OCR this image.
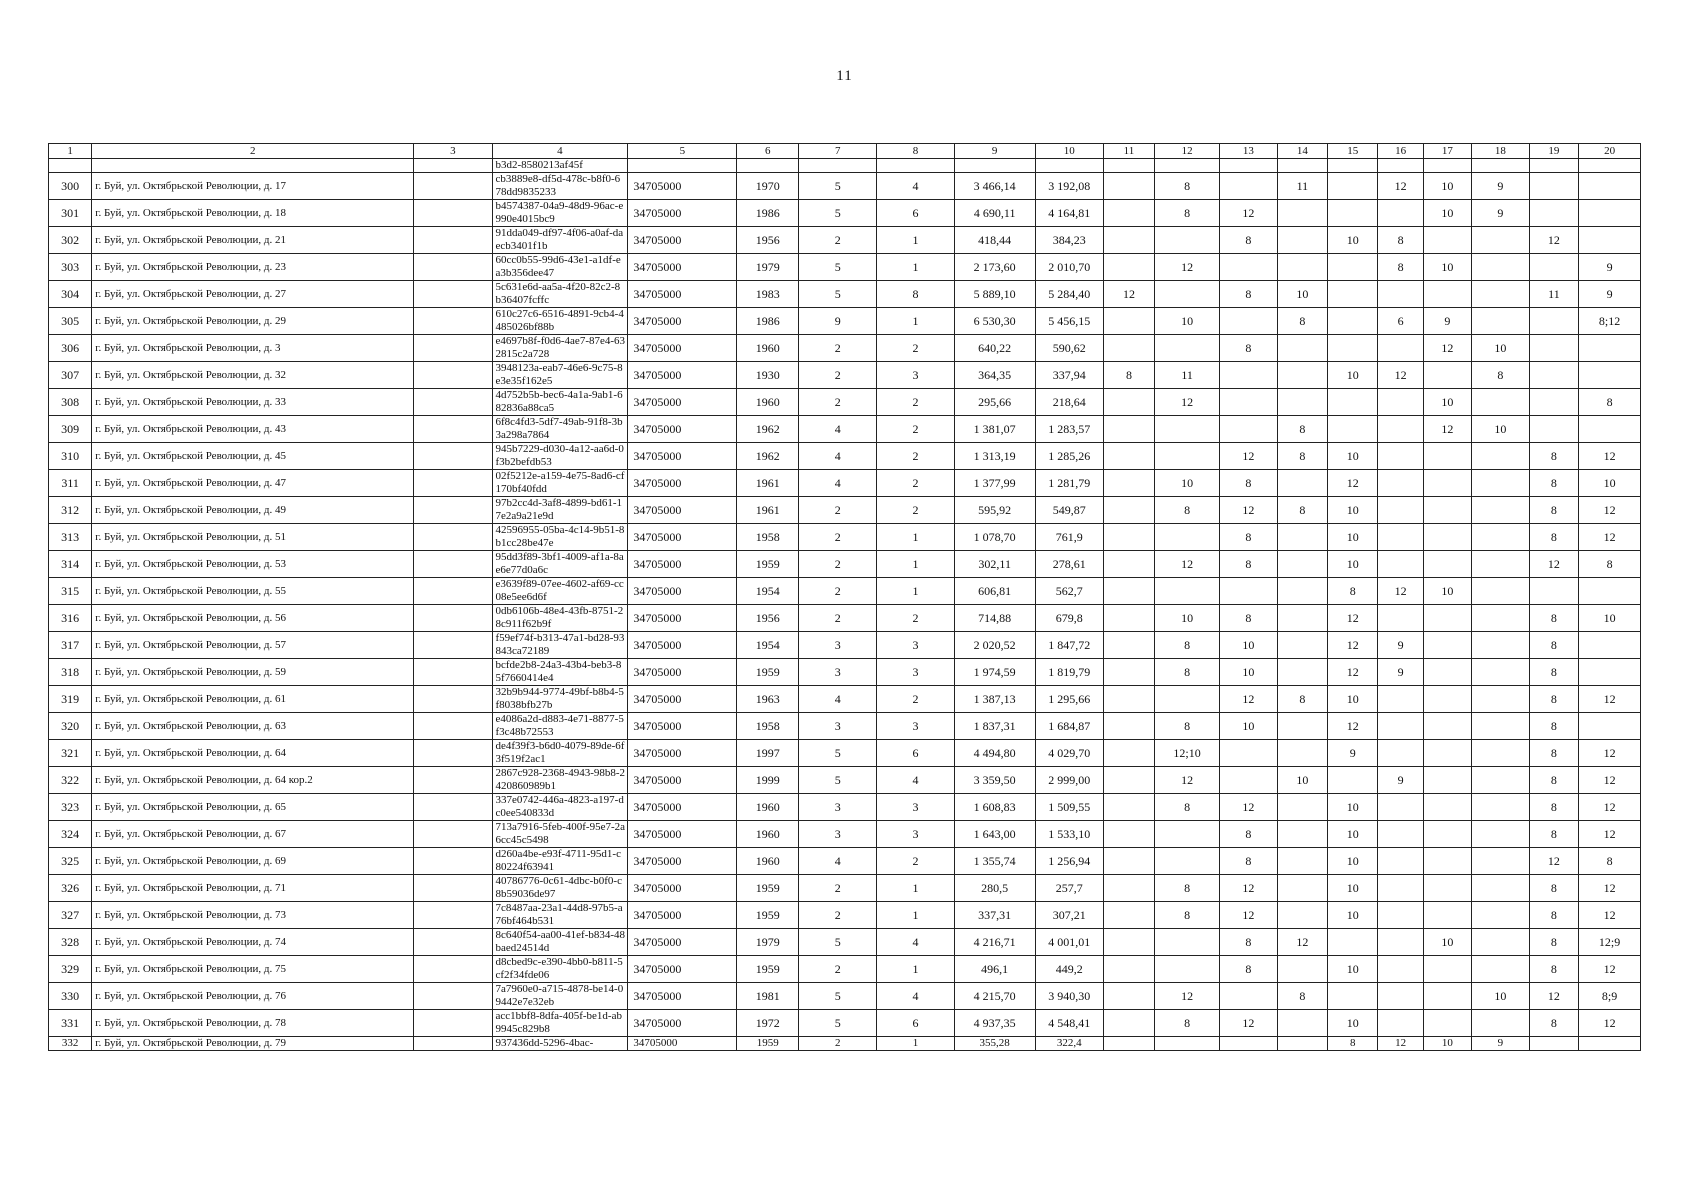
11
1	2	3	4	5	6	7	8	9	10	11	12	13	14	15	16	17	18	19	20
			b3d2-8580213af45f																
300	г. Буй, ул. Октябрьской Революции, д. 17		cb3889e8-df5d-478c-b8f0-678dd9835233	34705000	1970	5	4	3 466,14	3 192,08		8		11		12	10	9		
301	г. Буй, ул. Октябрьской Революции, д. 18		b4574387-04a9-48d9-96ac-e990e4015bc9	34705000	1986	5	6	4 690,11	4 164,81		8	12				10	9		
302	г. Буй, ул. Октябрьской Революции, д. 21		91dda049-df97-4f06-a0af-daecb3401f1b	34705000	1956	2	1	418,44	384,23			8		10	8			12	
303	г. Буй, ул. Октябрьской Революции, д. 23		60cc0b55-99d6-43e1-a1df-ea3b356dee47	34705000	1979	5	1	2 173,60	2 010,70		12				8	10			9
304	г. Буй, ул. Октябрьской Революции, д. 27		5c631e6d-aa5a-4f20-82c2-8b36407fcffc	34705000	1983	5	8	5 889,10	5 284,40	12		8	10					11	9
305	г. Буй, ул. Октябрьской Революции, д. 29		610c27c6-6516-4891-9cb4-4485026bf88b	34705000	1986	9	1	6 530,30	5 456,15		10		8		6	9			8;12
306	г. Буй, ул. Октябрьской Революции, д. 3		e4697b8f-f0d6-4ae7-87e4-632815c2a728	34705000	1960	2	2	640,22	590,62			8				12	10		
307	г. Буй, ул. Октябрьской Революции, д. 32		3948123a-eab7-46e6-9c75-8e3e35f162e5	34705000	1930	2	3	364,35	337,94	8	11			10	12		8		
308	г. Буй, ул. Октябрьской Революции, д. 33		4d752b5b-bec6-4a1a-9ab1-682836a88ca5	34705000	1960	2	2	295,66	218,64		12					10			8
309	г. Буй, ул. Октябрьской Революции, д. 43		6f8c4fd3-5df7-49ab-91f8-3b3a298a7864	34705000	1962	4	2	1 381,07	1 283,57				8			12	10		
310	г. Буй, ул. Октябрьской Революции, д. 45		945b7229-d030-4a12-aa6d-0f3b2befdb53	34705000	1962	4	2	1 313,19	1 285,26			12	8	10				8	12
311	г. Буй, ул. Октябрьской Революции, д. 47		02f5212e-a159-4e75-8ad6-cf170bf40fdd	34705000	1961	4	2	1 377,99	1 281,79		10	8		12				8	10
312	г. Буй, ул. Октябрьской Революции, д. 49		97b2cc4d-3af8-4899-bd61-17e2a9a21e9d	34705000	1961	2	2	595,92	549,87		8	12	8	10				8	12
313	г. Буй, ул. Октябрьской Революции, д. 51		42596955-05ba-4c14-9b51-8b1cc28be47e	34705000	1958	2	1	1 078,70	761,9			8		10				8	12
314	г. Буй, ул. Октябрьской Революции, д. 53		95dd3f89-3bf1-4009-af1a-8ae6e77d0a6c	34705000	1959	2	1	302,11	278,61		12	8		10				12	8
315	г. Буй, ул. Октябрьской Революции, д. 55		e3639f89-07ee-4602-af69-cc08e5ee6d6f	34705000	1954	2	1	606,81	562,7					8	12	10			
316	г. Буй, ул. Октябрьской Революции, д. 56		0db6106b-48e4-43fb-8751-28c911f62b9f	34705000	1956	2	2	714,88	679,8		10	8		12				8	10
317	г. Буй, ул. Октябрьской Революции, д. 57		f59ef74f-b313-47a1-bd28-93843ca72189	34705000	1954	3	3	2 020,52	1 847,72		8	10		12	9			8	
318	г. Буй, ул. Октябрьской Революции, д. 59		bcfde2b8-24a3-43b4-beb3-85f7660414e4	34705000	1959	3	3	1 974,59	1 819,79		8	10		12	9			8	
319	г. Буй, ул. Октябрьской Революции, д. 61		32b9b944-9774-49bf-b8b4-5f8038bfb27b	34705000	1963	4	2	1 387,13	1 295,66			12	8	10				8	12
320	г. Буй, ул. Октябрьской Революции, д. 63		e4086a2d-d883-4e71-8877-5f3c48b72553	34705000	1958	3	3	1 837,31	1 684,87		8	10		12				8	
321	г. Буй, ул. Октябрьской Революции, д. 64		de4f39f3-b6d0-4079-89de-6f3f519f2ac1	34705000	1997	5	6	4 494,80	4 029,70		12;10			9				8	12
322	г. Буй, ул. Октябрьской Революции, д. 64 кор.2		2867c928-2368-4943-98b8-2420860989b1	34705000	1999	5	4	3 359,50	2 999,00		12		10		9			8	12
323	г. Буй, ул. Октябрьской Революции, д. 65		337e0742-446a-4823-a197-dc0ee540833d	34705000	1960	3	3	1 608,83	1 509,55		8	12		10				8	12
324	г. Буй, ул. Октябрьской Революции, д. 67		713a7916-5feb-400f-95e7-2a6cc45c5498	34705000	1960	3	3	1 643,00	1 533,10			8		10				8	12
325	г. Буй, ул. Октябрьской Революции, д. 69		d260a4be-e93f-4711-95d1-c80224f63941	34705000	1960	4	2	1 355,74	1 256,94			8		10				12	8
326	г. Буй, ул. Октябрьской Революции, д. 71		40786776-0c61-4dbc-b0f0-c8b59036de97	34705000	1959	2	1	280,5	257,7		8	12		10				8	12
327	г. Буй, ул. Октябрьской Революции, д. 73		7c8487aa-23a1-44d8-97b5-a76bf464b531	34705000	1959	2	1	337,31	307,21		8	12		10				8	12
328	г. Буй, ул. Октябрьской Революции, д. 74		8c640f54-aa00-41ef-b834-48baed24514d	34705000	1979	5	4	4 216,71	4 001,01			8	12			10		8	12;9
329	г. Буй, ул. Октябрьской Революции, д. 75		d8cbed9c-e390-4bb0-b811-5cf2f34fde06	34705000	1959	2	1	496,1	449,2			8		10				8	12
330	г. Буй, ул. Октябрьской Революции, д. 76		7a7960e0-a715-4878-be14-09442e7e32eb	34705000	1981	5	4	4 215,70	3 940,30		12		8				10	12	8;9
331	г. Буй, ул. Октябрьской Революции, д. 78		acc1bbf8-8dfa-405f-be1d-ab9945c829b8	34705000	1972	5	6	4 937,35	4 548,41		8	12		10				8	12
332	г. Буй, ул. Октябрьской Революции, д. 79		937436dd-5296-4bac-	34705000	1959	2	1	355,28	322,4					8	12	10	9		
